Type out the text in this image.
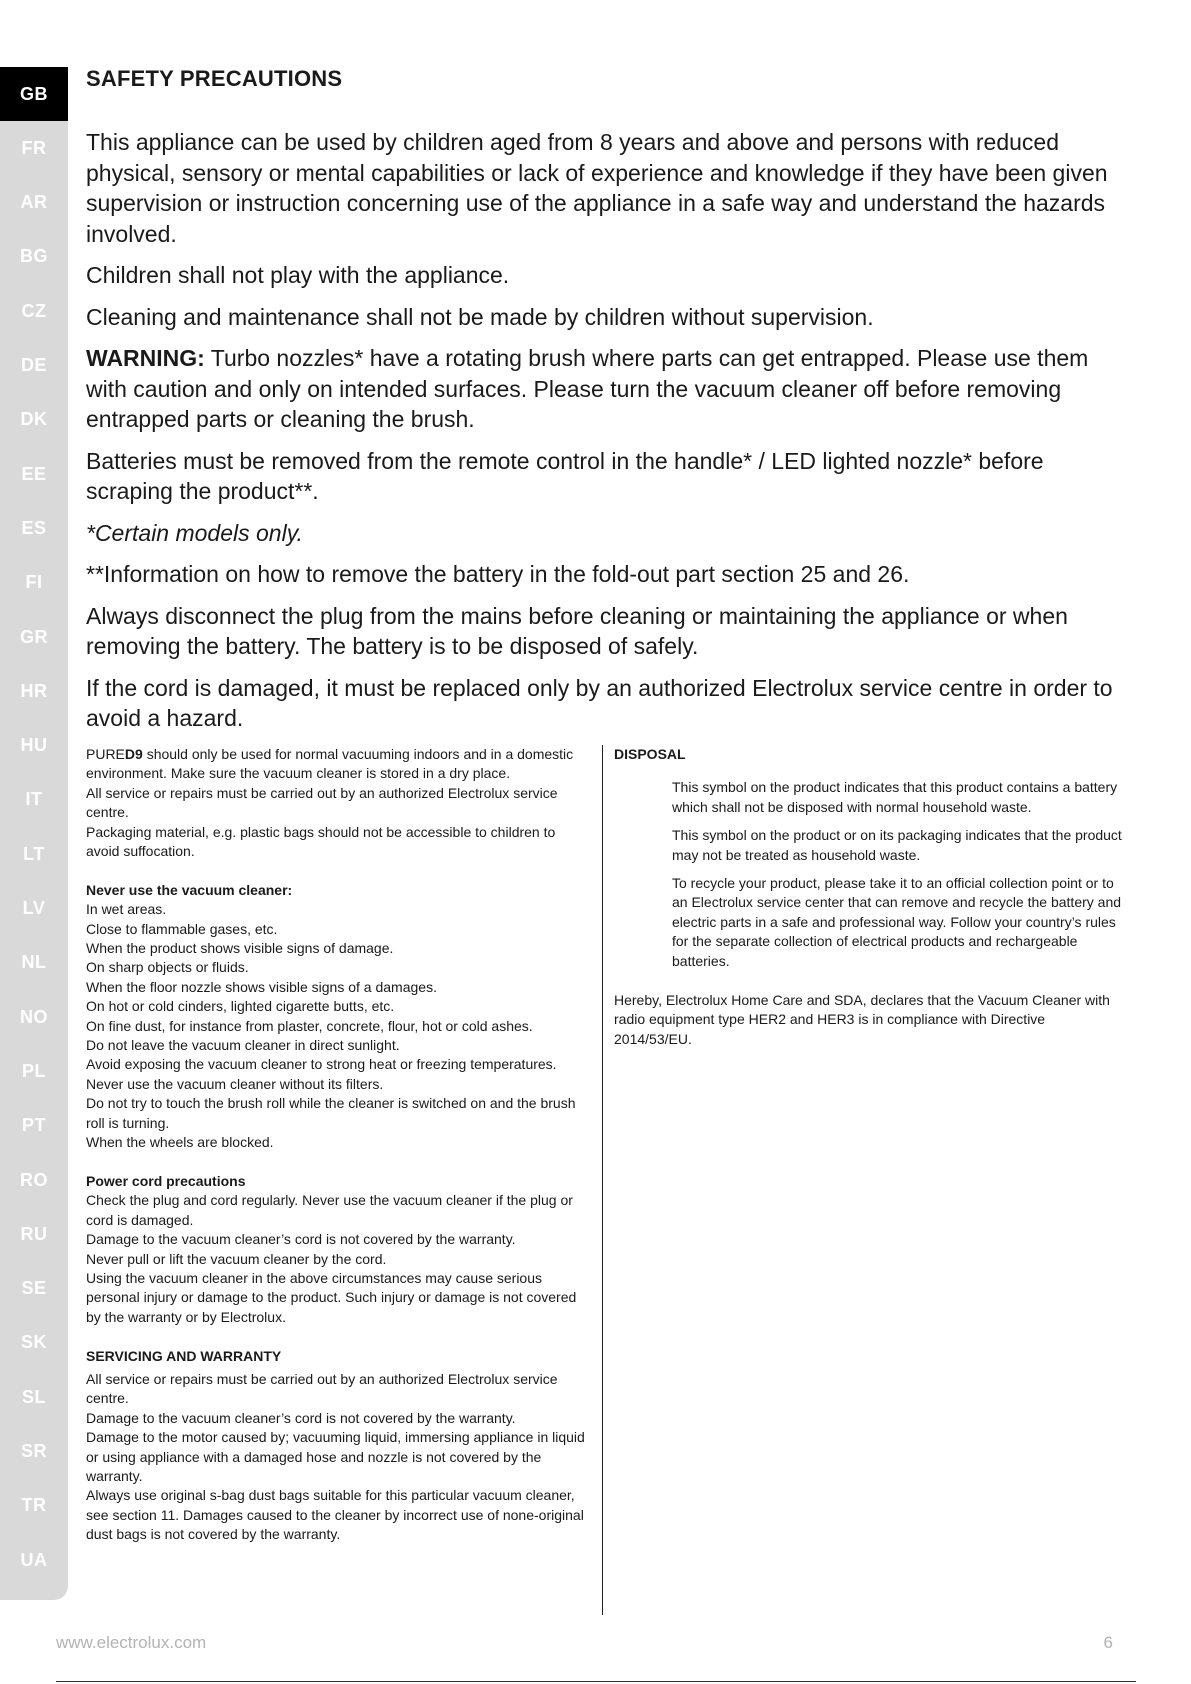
GB
FR
AR
BG
CZ
DE
DK
EE
ES
FI
GR
HR
HU
IT
LT
LV
NL
NO
PL
PT
RO
RU
SE
SK
SL
SR
TR
UA
SAFETY PRECAUTIONS

This appliance can be used by children aged from 8 years and above and persons with reduced physical, sensory or mental capabilities or lack of experience and knowledge if they have been given supervision or instruction concerning use of the appliance in a safe way and understand the hazards involved.

Children shall not play with the appliance.

Cleaning and maintenance shall not be made by children without supervision.

WARNING: Turbo nozzles* have a rotating brush where parts can get entrapped. Please use them with caution and only on intended surfaces. Please turn the vacuum cleaner off before removing entrapped parts or cleaning the brush.

Batteries must be removed from the remote control in the handle* / LED lighted nozzle* before scraping the product**.

*Certain models only.

**Information on how to remove the battery in the fold-out part section 25 and 26.

Always disconnect the plug from the mains before cleaning or maintaining the appliance or when removing the battery. The battery is to be disposed of safely.

If the cord is damaged, it must be replaced only by an authorized Electrolux service centre in order to avoid a hazard.

PURED9 should only be used for normal vacuuming indoors and in a domestic environment. Make sure the vacuum cleaner is stored in a dry place.
All service or repairs must be carried out by an authorized Electrolux service centre.
Packaging material, e.g. plastic bags should not be accessible to children to avoid suffocation.
Never use the vacuum cleaner:
In wet areas.
Close to flammable gases, etc.
When the product shows visible signs of damage.
On sharp objects or fluids.
When the floor nozzle shows visible signs of a damages.
On hot or cold cinders, lighted cigarette butts, etc.
On fine dust, for instance from plaster, concrete, flour, hot or cold ashes.
Do not leave the vacuum cleaner in direct sunlight.
Avoid exposing the vacuum cleaner to strong heat or freezing temperatures.
Never use the vacuum cleaner without its filters.
Do not try to touch the brush roll while the cleaner is switched on and the brush roll is turning.
When the wheels are blocked.
Power cord precautions
Check the plug and cord regularly. Never use the vacuum cleaner if the plug or cord is damaged.
Damage to the vacuum cleaner’s cord is not covered by the warranty.
Never pull or lift the vacuum cleaner by the cord.
Using the vacuum cleaner in the above circumstances may cause serious personal injury or damage to the product. Such injury or damage is not covered by the warranty or by Electrolux.
SERVICING AND WARRANTY
All service or repairs must be carried out by an authorized Electrolux service centre.
Damage to the vacuum cleaner’s cord is not covered by the warranty.
Damage to the motor caused by; vacuuming liquid, immersing appliance in liquid or using appliance with a damaged hose and nozzle is not covered by the warranty.
Always use original s-bag dust bags suitable for this particular vacuum cleaner, see section 11. Damages caused to the cleaner by incorrect use of none-original dust bags is not covered by the warranty.
DISPOSAL

This symbol on the product indicates that this product contains a battery which shall not be disposed with normal household waste.

This symbol on the product or on its packaging indicates that the product may not be treated as household waste.

To recycle your product, please take it to an official collection point or to an Electrolux service center that can remove and recycle the battery and electric parts in a safe and professional way. Follow your country’s rules for the separate collection of electrical products and rechargeable batteries.

Hereby, Electrolux Home Care and SDA, declares that the Vacuum Cleaner with radio equipment type HER2 and HER3 is in compliance with Directive 2014/53/EU.

www.electrolux.com	6
